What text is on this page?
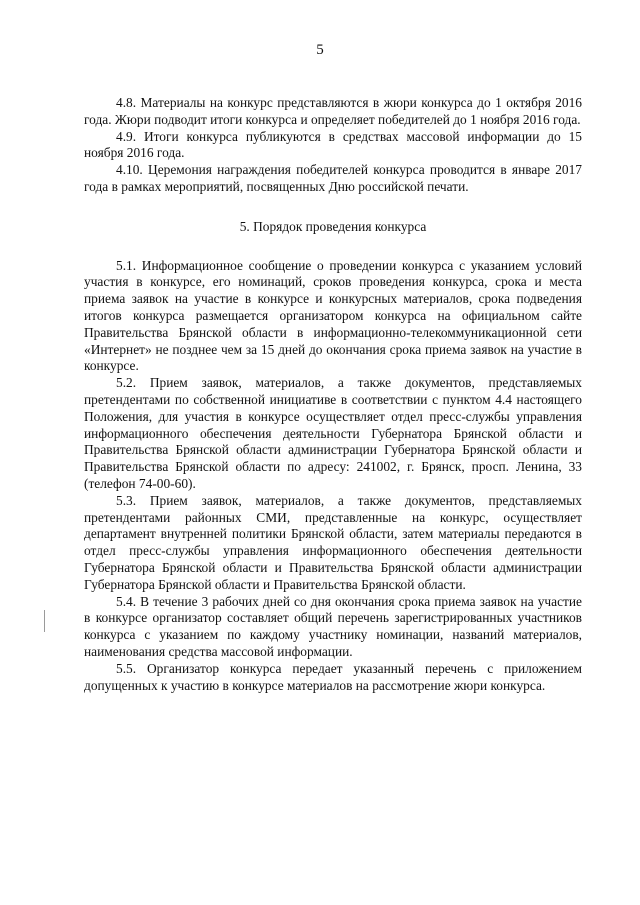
5

4.8. Материалы на конкурс представляются в жюри конкурса до 1 октября 2016 года. Жюри подводит итоги конкурса и определяет победителей до 1 ноября 2016 года.

4.9. Итоги конкурса публикуются в средствах массовой информации до 15 ноября 2016 года.

4.10. Церемония награждения победителей конкурса проводится в январе 2017 года в рамках мероприятий, посвященных Дню российской печати.

5. Порядок проведения конкурса

5.1. Информационное сообщение о проведении конкурса с указанием условий участия в конкурсе, его номинаций, сроков проведения конкурса, срока и места приема заявок на участие в конкурсе и конкурсных материалов, срока подведения итогов конкурса размещается организатором конкурса на официальном сайте Правительства Брянской области в информационно-телекоммуникационной сети «Интернет» не позднее чем за 15 дней до окончания срока приема заявок на участие в конкурсе.

5.2. Прием заявок, материалов, а также документов, представляемых претендентами по собственной инициативе в соответствии с пунктом 4.4 настоящего Положения, для участия в конкурсе осуществляет отдел пресс-службы управления информационного обеспечения деятельности Губернатора Брянской области и Правительства Брянской области администрации Губернатора Брянской области и Правительства Брянской области по адресу: 241002, г. Брянск, просп. Ленина, 33 (телефон 74-00-60).

5.3. Прием заявок, материалов, а также документов, представляемых претендентами районных СМИ, представленные на конкурс, осуществляет департамент внутренней политики Брянской области, затем материалы передаются в отдел пресс-службы управления информационного обеспечения деятельности Губернатора Брянской области и Правительства Брянской области администрации Губернатора Брянской области и Правительства Брянской области.

5.4. В течение 3 рабочих дней со дня окончания срока приема заявок на участие в конкурсе организатор составляет общий перечень зарегистрированных участников конкурса с указанием по каждому участнику номинации, названий материалов, наименования средства массовой информации.

5.5. Организатор конкурса передает указанный перечень с приложением допущенных к участию в конкурсе материалов на рассмотрение жюри конкурса.
